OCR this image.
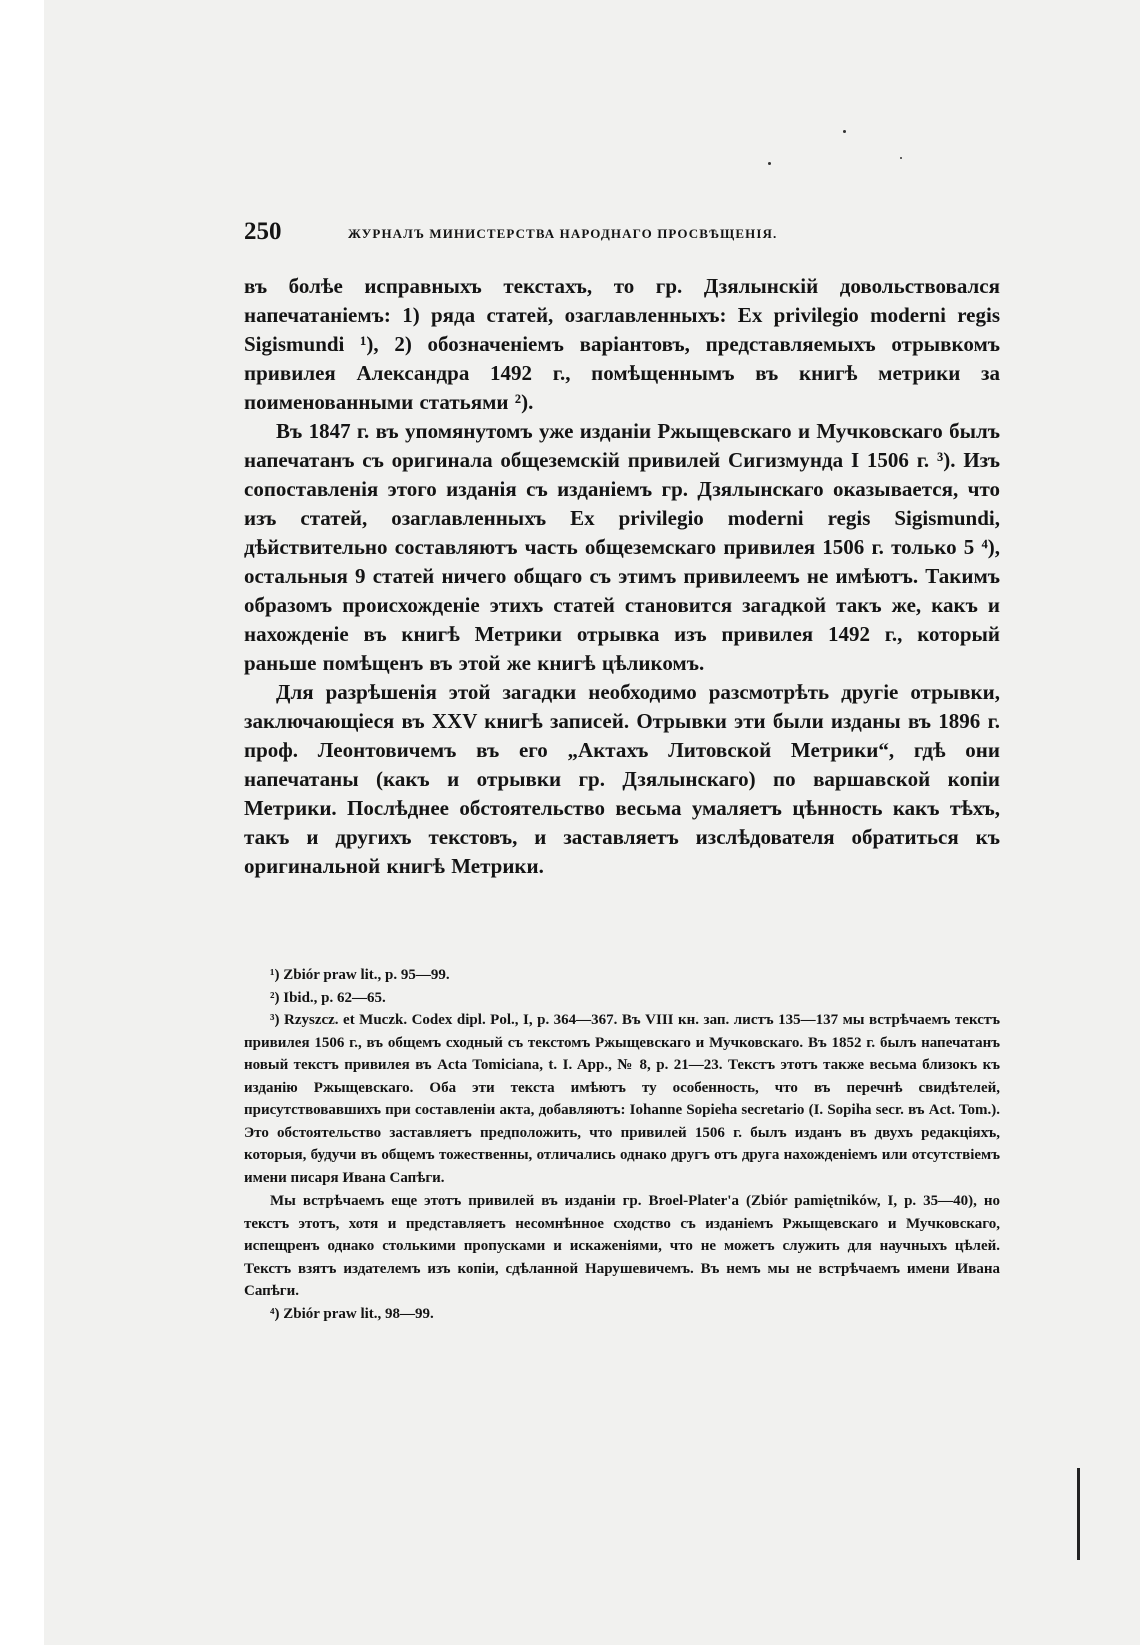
250	ЖУРНАЛЪ МИНИСТЕРСТВА НАРОДНАГО ПРОСВѢЩЕНІЯ.

въ болѣе исправныхъ текстахъ, то гр. Дзялынскій довольствовался напечатаніемъ: 1) ряда статей, озаглавленныхъ: Ex privilegio moderni regis Sigismundi ¹), 2) обозначеніемъ варіантовъ, представляемыхъ отрывкомъ привилея Александра 1492 г., помѣщеннымъ въ книгѣ метрики за поименованными статьями ²).

Въ 1847 г. въ упомянутомъ уже изданіи Ржыщевскаго и Мучковскаго былъ напечатанъ съ оригинала общеземскій привилей Сигизмунда I 1506 г. ³). Изъ сопоставленія этого изданія съ изданіемъ гр. Дзялынскаго оказывается, что изъ статей, озаглавленныхъ Ex privilegio moderni regis Sigismundi, дѣйствительно составляютъ часть общеземскаго привилея 1506 г. только 5 ⁴), остальныя 9 статей ничего общаго съ этимъ привилеемъ не имѣютъ. Такимъ образомъ происхожденіе этихъ статей становится загадкой такъ же, какъ и нахожденіе въ книгѣ Метрики отрывка изъ привилея 1492 г., который раньше помѣщенъ въ этой же книгѣ цѣликомъ.

Для разрѣшенія этой загадки необходимо разсмотрѣть другіе отрывки, заключающіеся въ XXV книгѣ записей. Отрывки эти были изданы въ 1896 г. проф. Леонтовичемъ въ его „Актахъ Литовской Метрики“, гдѣ они напечатаны (какъ и отрывки гр. Дзялынскаго) по варшавской копіи Метрики. Послѣднее обстоятельство весьма умаляетъ цѣнность какъ тѣхъ, такъ и другихъ текстовъ, и заставляетъ изслѣдователя обратиться къ оригинальной книгѣ Метрики.

¹) Zbiór praw lit., p. 95—99.

²) Ibid., p. 62—65.

³) Rzyszcz. et Muczk. Codex dipl. Pol., I, p. 364—367. Въ VIII кн. зап. листъ 135—137 мы встрѣчаемъ текстъ привилея 1506 г., въ общемъ сходный съ текстомъ Ржыщевскаго и Мучковскаго. Въ 1852 г. былъ напечатанъ новый текстъ привилея въ Acta Tomiciana, t. I. App., № 8, p. 21—23. Текстъ этотъ также весьма близокъ къ изданію Ржыщевскаго. Оба эти текста имѣютъ ту особенность, что въ перечнѣ свидѣтелей, присутствовавшихъ при составленіи акта, добавляютъ: Iohanne Sopieha secretario (I. Sopiha secr. въ Act. Tom.). Это обстоятельство заставляетъ предположить, что привилей 1506 г. былъ изданъ въ двухъ редакціяхъ, которыя, будучи въ общемъ тожественны, отличались однако другъ отъ друга нахожденіемъ или отсутствіемъ имени писаря Ивана Сапѣги.

Мы встрѣчаемъ еще этотъ привилей въ изданіи гр. Broel-Plater'a (Zbiór pamiętników, I, p. 35—40), но текстъ этотъ, хотя и представляетъ несомнѣнное сходство съ изданіемъ Ржыщевскаго и Мучковскаго, испещренъ однако столькими пропусками и искаженіями, что не можетъ служить для научныхъ цѣлей. Текстъ взятъ издателемъ изъ копіи, сдѣланной Нарушевичемъ. Въ немъ мы не встрѣчаемъ имени Ивана Сапѣги.

⁴) Zbiór praw lit., 98—99.
